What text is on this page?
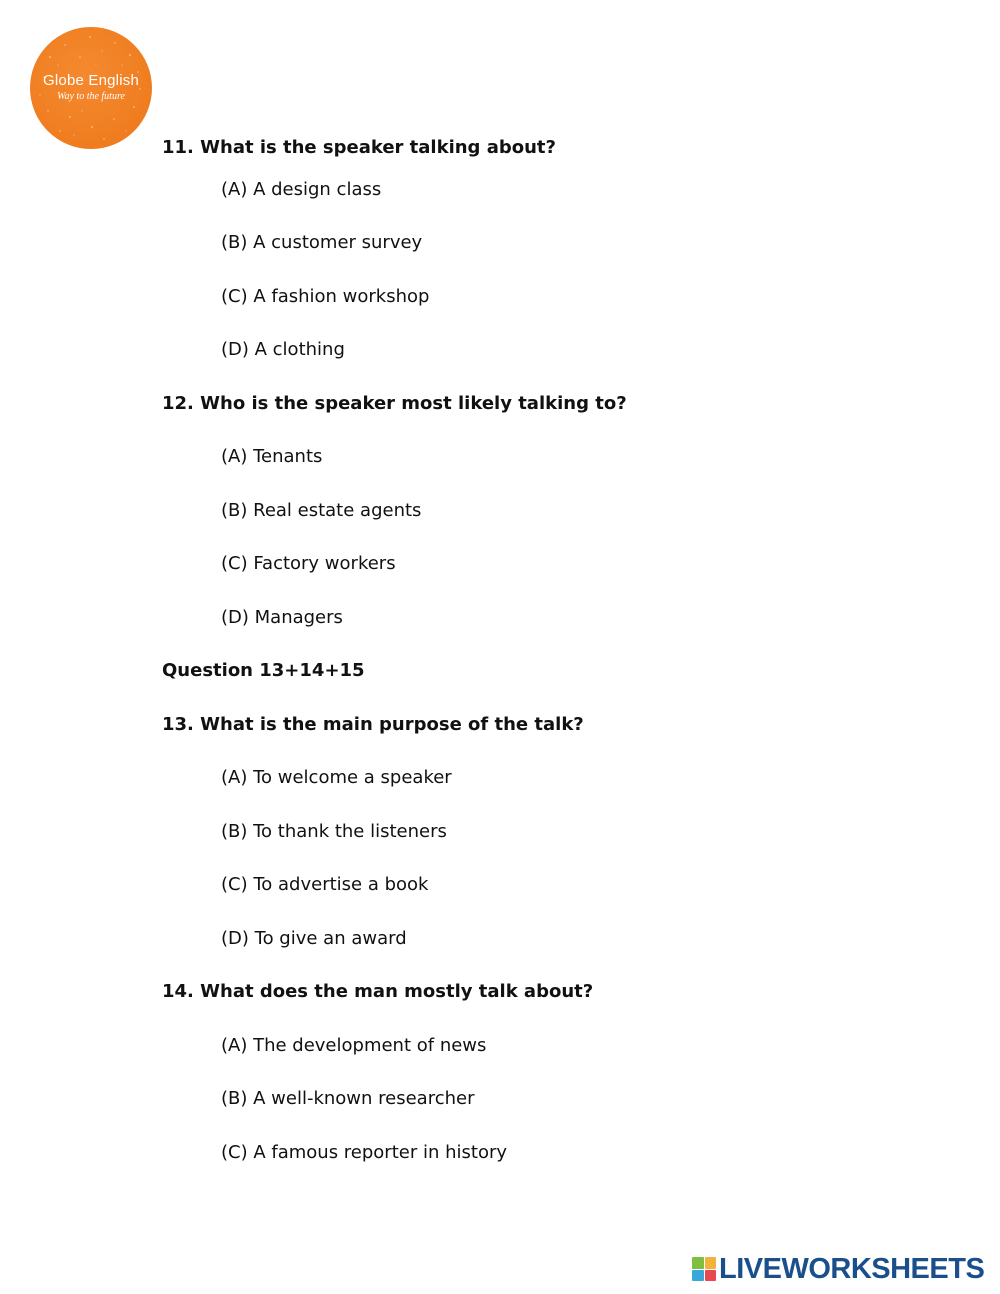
Globe English
Way to the future
11. What is the speaker talking about?
(A) A design class
(B) A customer survey
(C) A fashion workshop
(D) A clothing
12. Who is the speaker most likely talking to?
(A) Tenants
(B) Real estate agents
(C) Factory workers
(D) Managers
Question 13+14+15
13. What is the main purpose of the talk?
(A) To welcome a speaker
(B) To thank the listeners
(C) To advertise a book
(D) To give an award
14. What does the man mostly talk about?
(A) The development of news
(B) A well-known researcher
(C) A famous reporter in history
LIVEWORKSHEETS
